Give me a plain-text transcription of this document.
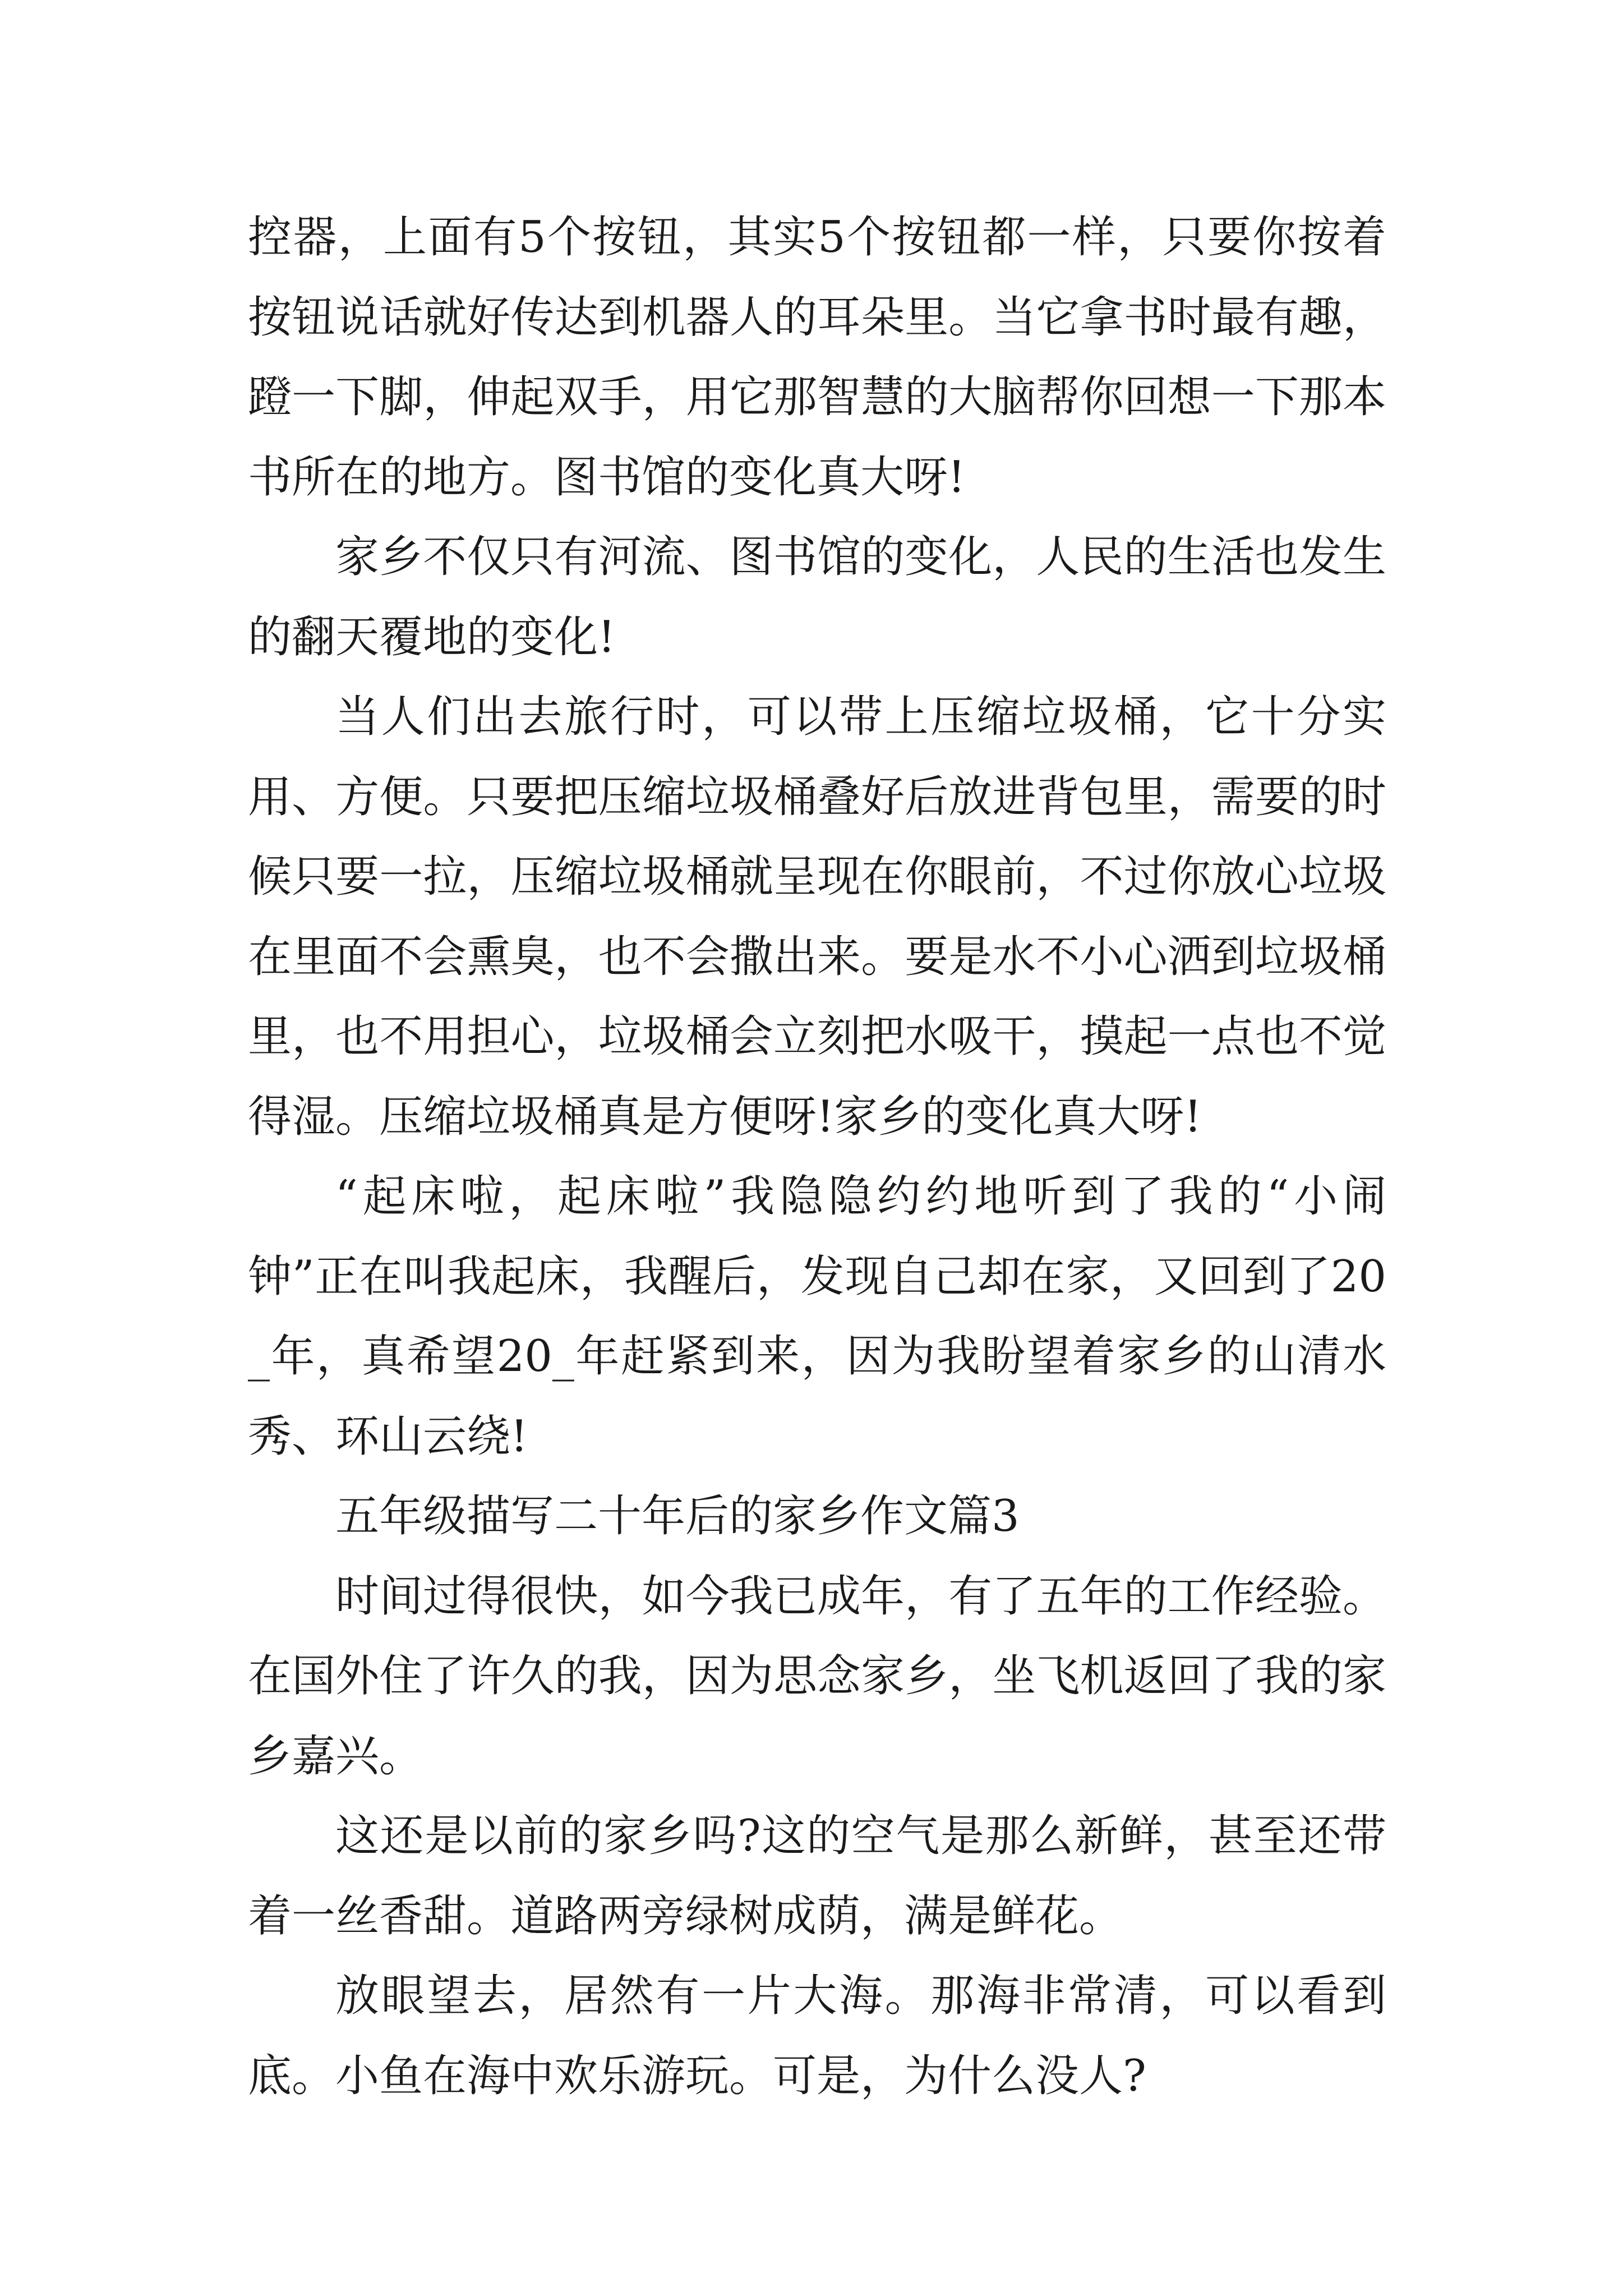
控器，上面有5个按钮，其实5个按钮都一样，只要你按着按钮说话就好传达到机器人的耳朵里。当它拿书时最有趣，蹬一下脚，伸起双手，用它那智慧的大脑帮你回想一下那本书所在的地方。图书馆的变化真大呀!

家乡不仅只有河流、图书馆的变化，人民的生活也发生的翻天覆地的变化!

当人们出去旅行时，可以带上压缩垃圾桶，它十分实用、方便。只要把压缩垃圾桶叠好后放进背包里，需要的时候只要一拉，压缩垃圾桶就呈现在你眼前，不过你放心垃圾在里面不会熏臭，也不会撒出来。要是水不小心洒到垃圾桶里，也不用担心，垃圾桶会立刻把水吸干，摸起一点也不觉得湿。压缩垃圾桶真是方便呀!家乡的变化真大呀!

“起床啦，起床啦”我隐隐约约地听到了我的“小闹钟”正在叫我起床，我醒后，发现自己却在家，又回到了20_年，真希望20_年赶紧到来，因为我盼望着家乡的山清水秀、环山云绕!

五年级描写二十年后的家乡作文篇3

时间过得很快，如今我已成年，有了五年的工作经验。在国外住了许久的我，因为思念家乡，坐飞机返回了我的家乡嘉兴。

这还是以前的家乡吗?这的空气是那么新鲜，甚至还带着一丝香甜。道路两旁绿树成荫，满是鲜花。

放眼望去，居然有一片大海。那海非常清，可以看到底。小鱼在海中欢乐游玩。可是，为什么没人?
